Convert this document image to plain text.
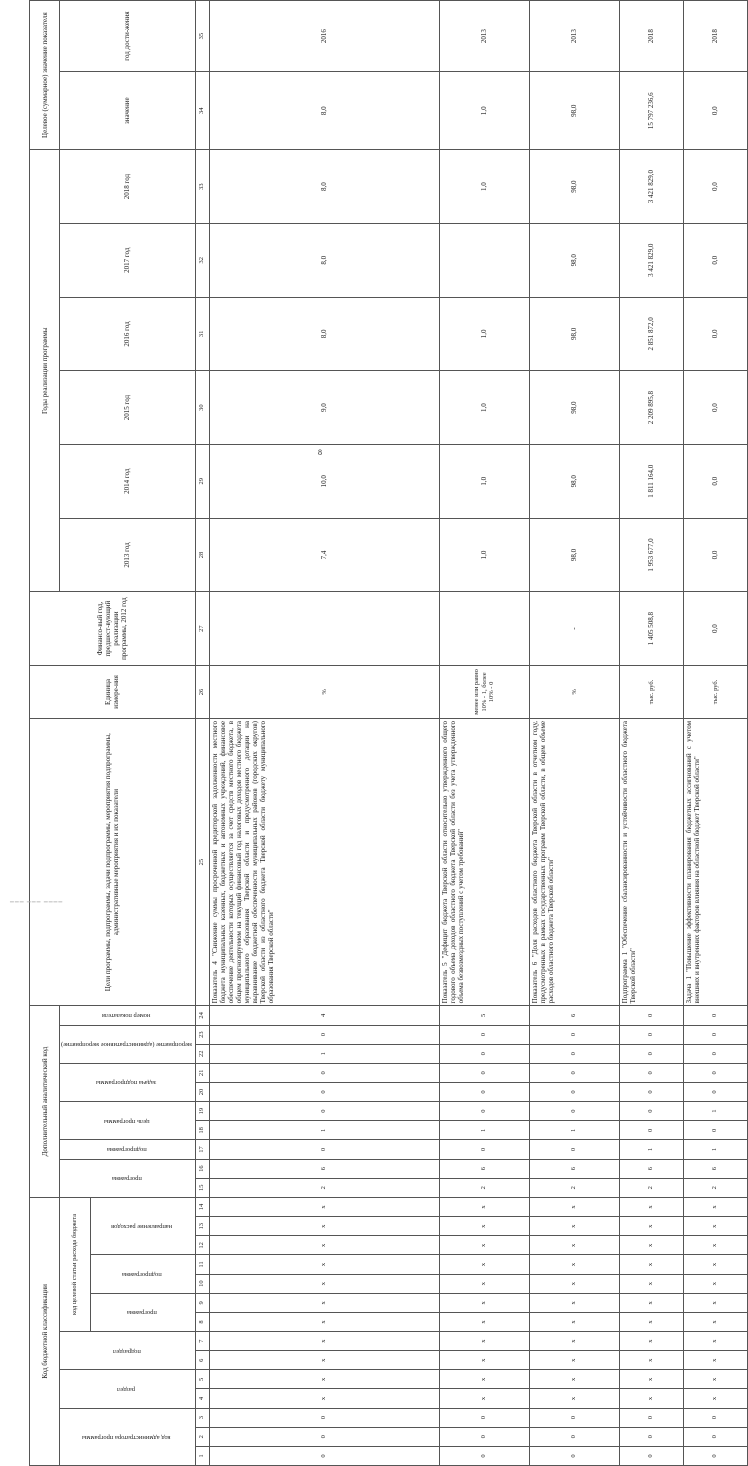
8
Код бюджетной классификации														Дополнительный аналитический код										Цели программы, подпрограммы, задачи подпрограммы, мероприятия подпрограммы, административные мероприятия и их показатели	Единица измере-ния	Финансо-вый год, предшест-вующий реализации программы, 2012 год	Годы реализации программы						Целевое (суммарное) значение показателя	
код администратора программы			раздел		подраздел		код целевой статьи расхода бюджета							программа		подпрограмма	цель программы		задача подпрограммы		мероприятие (административное мероприятие)		номер показателя				2013 год	2014 год	2015 год	2016 год	2017 год	2018 год	значение	год дости-жения
							программа		подпрограмма		направление расходов																							
1	2	3	4	5	6	7	8	9	10	11	12	13	14	15	16	17	18	19	20	21	22	23	24	25	26	27	28	29	30	31	32	33	34	35
0	0	0	x	x	x	x	x	x	x	x	x	x	x	2	6	0	1	0	0	0	1	0	4	Показатель 4 "Снижение суммы просроченной кредиторской задолженности местного бюджета муниципальных казенных, бюджетных и автономных учреждений, финансовое обеспечение деятельности которых осуществляется за счет средств местного бюджета, в общем прогнозируемом на текущий финансовый год налоговых доходов местного бюджета муниципального образования Тверской области и предусмотренного дотации на выравнивание бюджетной обеспеченности муниципальных районов (городских округов) Тверской области из областного бюджета Тверской области бюджету муниципального образования Тверской области"	%		7,4	10,0	9,0	8,0	8,0	8,0	8,0	2016
0	0	0	x	x	x	x	x	x	x	x	x	x	x	2	6	0	1	0	0	0	0	0	5	Показатель 5 "Дефицит бюджета Тверской области относительно утвержденного общего годового объема доходов областного бюджета Тверской области без учета утвержденного объема безвозмездных поступлений с учетом требований"	менее или равно 10% - 1, более 10% - 0		1,0	1,0	1,0	1,0		1,0	1,0	2013
0	0	0	x	x	x	x	x	x	x	x	x	x	x	2	6	0	1	0	0	0	0	0	6	Показатель 6 "Доля расходов областного бюджета Тверской области в отчетном году, предусмотренных в рамках государственных программ Тверской области, в общем объеме расходов областного бюджета Тверской области"	%	-	98,0	98,0	98,0	98,0	98,0	98,0	98,0	2013
0	0	0	x	x	x	x	x	x	x	x	x	x	x	2	6	1	0	0	0	0	0	0	0	Подпрограмма 1 "Обеспечение сбалансированности и устойчивости областного бюджета Тверской области"	тыс. руб.	1 405 508,8	1 953 677,0	1 811 164,0	2 209 895,8	2 851 872,0	3 421 829,0	3 421 829,0	15 797 236,6	2018
0	0	0	x	x	x	x	x	x	x	x	x	x	x	2	6	1	0	1	0	0	0	0	0	Задача 1 "Повышение эффективности планирования бюджетных ассигнований с учетом внешних и внутренних факторов влияния на областной бюджет Тверской области"	тыс. руб.	0,0	0,0	0,0	0,0	0,0	0,0	0,0	0,0	2018
▁▁▁ ▁▁▁ ▁▁▁▁
